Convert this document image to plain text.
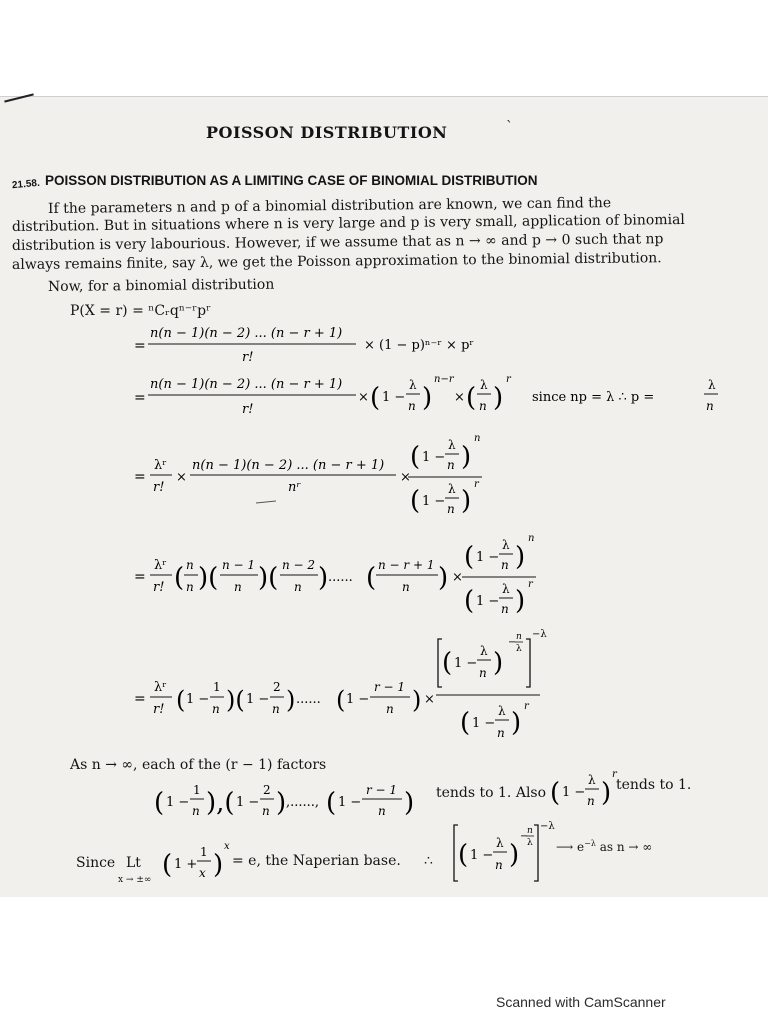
POISSON DISTRIBUTION	ˋ
21.58. POISSON DISTRIBUTION AS A LIMITING CASE OF BINOMIAL DISTRIBUTION
If the parameters n and p of a binomial distribution are known, we can find the
distribution. But in situations where n is very large and p is very small, application of binomial
distribution is very labourious. However, if we assume that as n → ∞ and p → 0 such that np
always remains finite, say λ, we get the Poisson approximation to the binomial distribution.
Now, for a binomial distribution
P(X = r) = ⁿCᵣqⁿ⁻ʳpʳ
=
n(n − 1)(n − 2) ... (n − r + 1)
r!
× (1 − p)ⁿ⁻ʳ × pʳ
=
n(n − 1)(n − 2) ... (n − r + 1)
r!
× ( 1 −
λ
n )
n−r
× ( λ
n )
r
since np = λ ∴ p =
λ
n
=
λʳ
r!
×
n(n − 1)(n − 2) ... (n − r + 1)
nʳ
×
( 1 −
λ
n )
n
( 1 −
λ
n )
r
=
λʳ
r! ( n
n )( n − 1
n )( n − 2
n ) ...... ( n − r + 1
n ) ×
( 1 −
λ
n )
n
( 1 −
λ
n )
r
=
λʳ
r! ( 1 −
1
n )( 1 −
2
n ) ...... ( 1 −
r − 1
n ) ×
( 1 −
λ
n )
− n
λ
−λ
( 1 −
λ
n )
r
As n → ∞, each of the (r − 1) factors
( 1 −
1
n ),( 1 −
2
n ) ,......, ( 1 −
r − 1
n ) tends to 1. Also ( 1 −
λ
n )
r
tends to 1.
Since Lt
x → ±∞ ( 1 +
1
x )
x
= e, the Naperian base. ∴ ( 1 −
λ
n )
−
n
λ
−λ
⟶ $e^{-\lambda}$ as n → ∞
Scanned with CamScanner
